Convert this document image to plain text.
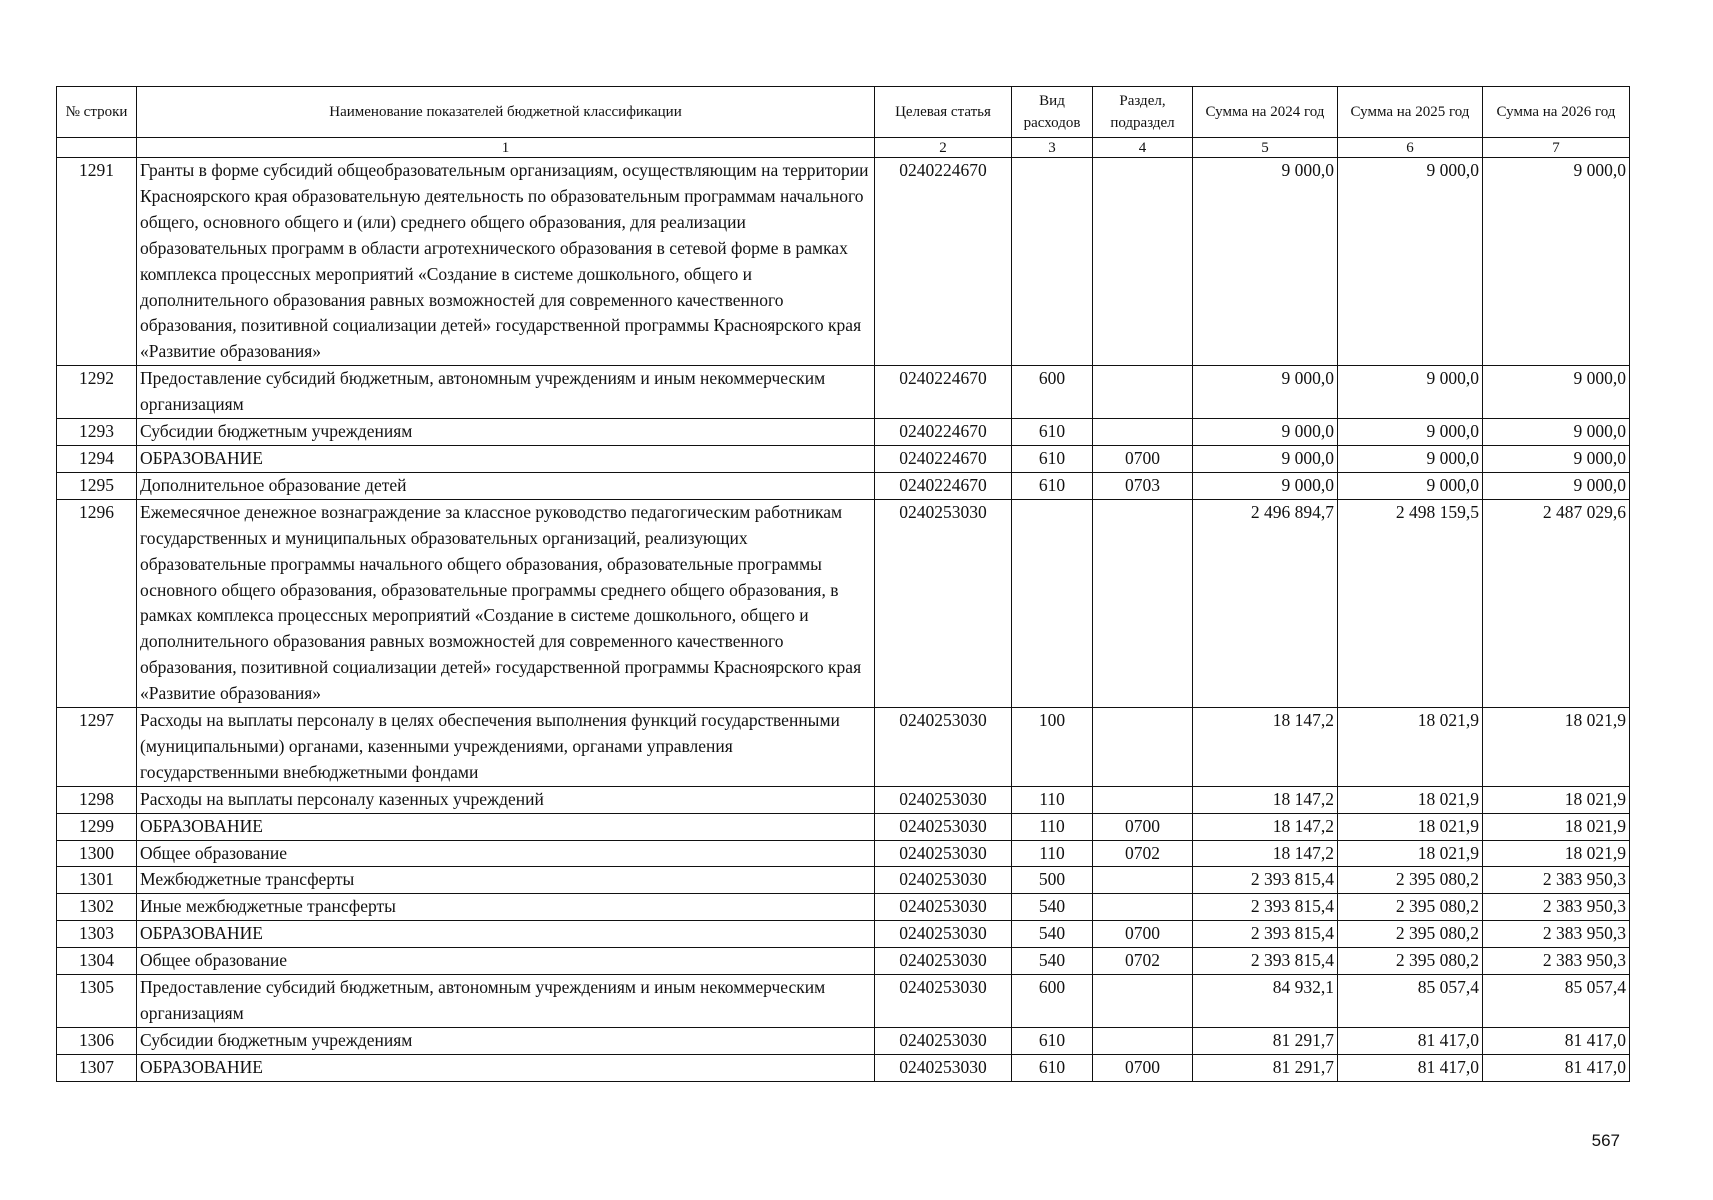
№ строки	Наименование показателей бюджетной классификации	Целевая статья	Вид расходов	Раздел, подраздел	Сумма на 2024 год	Сумма на 2025 год	Сумма на 2026 год
	1	2	3	4	5	6	7
1291	Гранты в форме субсидий общеобразовательным организациям, осуществляющим на территории Красноярского края образовательную деятельность по образовательным программам начального общего, основного общего и (или) среднего общего образования, для реализации образовательных программ в области агротехнического образования в сетевой форме в рамках комплекса процессных мероприятий «Создание в системе дошкольного, общего и дополнительного образования равных возможностей для современного качественного образования, позитивной социализации детей» государственной программы Красноярского края «Развитие образования»	0240224670			9 000,0	9 000,0	9 000,0
1292	Предоставление субсидий бюджетным, автономным учреждениям и иным некоммерческим организациям	0240224670	600		9 000,0	9 000,0	9 000,0
1293	Субсидии бюджетным учреждениям	0240224670	610		9 000,0	9 000,0	9 000,0
1294	ОБРАЗОВАНИЕ	0240224670	610	0700	9 000,0	9 000,0	9 000,0
1295	Дополнительное образование детей	0240224670	610	0703	9 000,0	9 000,0	9 000,0
1296	Ежемесячное денежное вознаграждение за классное руководство педагогическим работникам государственных и муниципальных образовательных организаций, реализующих образовательные программы начального общего образования, образовательные программы основного общего образования, образовательные программы среднего общего образования, в рамках комплекса процессных мероприятий «Создание в системе дошкольного, общего и дополнительного образования равных возможностей для современного качественного образования, позитивной социализации детей» государственной программы Красноярского края «Развитие образования»	0240253030			2 496 894,7	2 498 159,5	2 487 029,6
1297	Расходы на выплаты персоналу в целях обеспечения выполнения функций государственными (муниципальными) органами, казенными учреждениями, органами управления государственными внебюджетными фондами	0240253030	100		18 147,2	18 021,9	18 021,9
1298	Расходы на выплаты персоналу казенных учреждений	0240253030	110		18 147,2	18 021,9	18 021,9
1299	ОБРАЗОВАНИЕ	0240253030	110	0700	18 147,2	18 021,9	18 021,9
1300	Общее образование	0240253030	110	0702	18 147,2	18 021,9	18 021,9
1301	Межбюджетные трансферты	0240253030	500		2 393 815,4	2 395 080,2	2 383 950,3
1302	Иные межбюджетные трансферты	0240253030	540		2 393 815,4	2 395 080,2	2 383 950,3
1303	ОБРАЗОВАНИЕ	0240253030	540	0700	2 393 815,4	2 395 080,2	2 383 950,3
1304	Общее образование	0240253030	540	0702	2 393 815,4	2 395 080,2	2 383 950,3
1305	Предоставление субсидий бюджетным, автономным учреждениям и иным некоммерческим организациям	0240253030	600		84 932,1	85 057,4	85 057,4
1306	Субсидии бюджетным учреждениям	0240253030	610		81 291,7	81 417,0	81 417,0
1307	ОБРАЗОВАНИЕ	0240253030	610	0700	81 291,7	81 417,0	81 417,0
567
